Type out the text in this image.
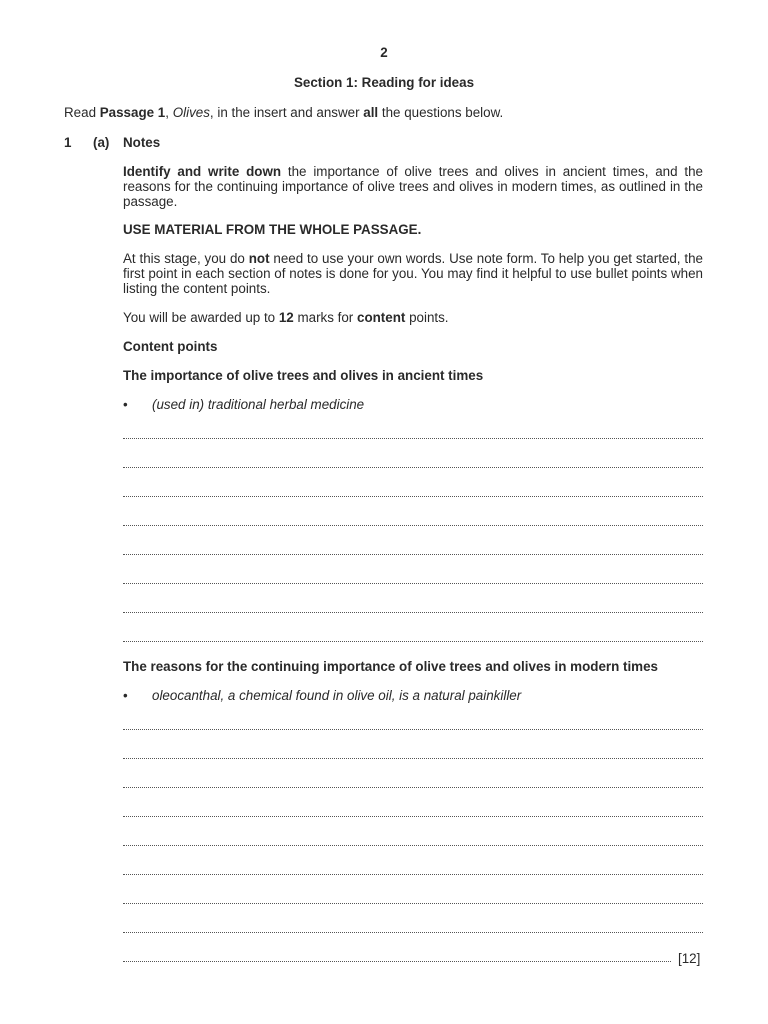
2
Section 1: Reading for ideas
Read Passage 1, Olives, in the insert and answer all the questions below.
1 (a) Notes
Identify and write down the importance of olive trees and olives in ancient times, and the reasons for the continuing importance of olive trees and olives in modern times, as outlined in the passage.
USE MATERIAL FROM THE WHOLE PASSAGE.
At this stage, you do not need to use your own words. Use note form. To help you get started, the first point in each section of notes is done for you. You may find it helpful to use bullet points when listing the content points.
You will be awarded up to 12 marks for content points.
Content points
The importance of olive trees and olives in ancient times
• (used in) traditional herbal medicine
The reasons for the continuing importance of olive trees and olives in modern times
• oleocanthal, a chemical found in olive oil, is a natural painkiller
[12]
